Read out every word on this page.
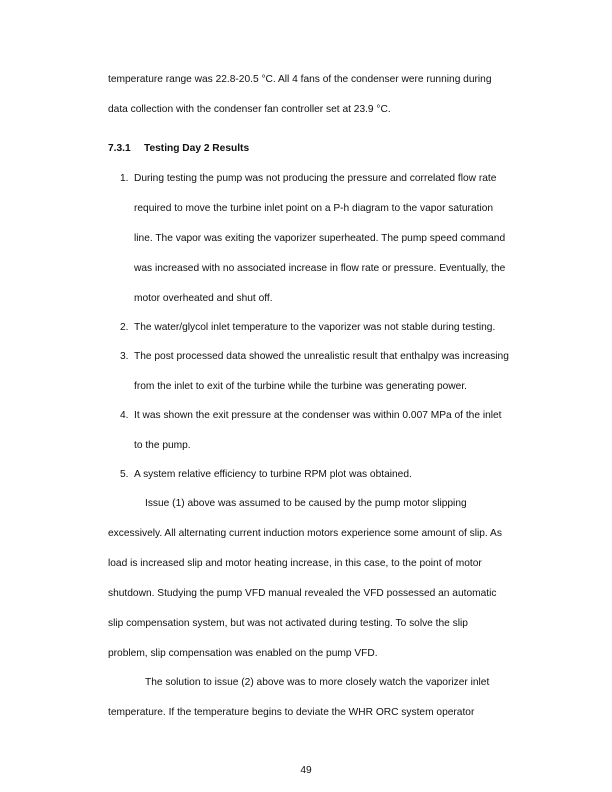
temperature range was 22.8-20.5 °C. All 4 fans of the condenser were running during
data collection with the condenser fan controller set at 23.9 °C.
7.3.1 Testing Day 2 Results
1. During testing the pump was not producing the pressure and correlated flow rate
required to move the turbine inlet point on a P-h diagram to the vapor saturation
line. The vapor was exiting the vaporizer superheated. The pump speed command
was increased with no associated increase in flow rate or pressure. Eventually, the
motor overheated and shut off.
2. The water/glycol inlet temperature to the vaporizer was not stable during testing.
3. The post processed data showed the unrealistic result that enthalpy was increasing
from the inlet to exit of the turbine while the turbine was generating power.
4. It was shown the exit pressure at the condenser was within 0.007 MPa of the inlet
to the pump.
5. A system relative efficiency to turbine RPM plot was obtained.
Issue (1) above was assumed to be caused by the pump motor slipping
excessively. All alternating current induction motors experience some amount of slip. As
load is increased slip and motor heating increase, in this case, to the point of motor
shutdown. Studying the pump VFD manual revealed the VFD possessed an automatic
slip compensation system, but was not activated during testing. To solve the slip
problem, slip compensation was enabled on the pump VFD.
The solution to issue (2) above was to more closely watch the vaporizer inlet
temperature. If the temperature begins to deviate the WHR ORC system operator
49
